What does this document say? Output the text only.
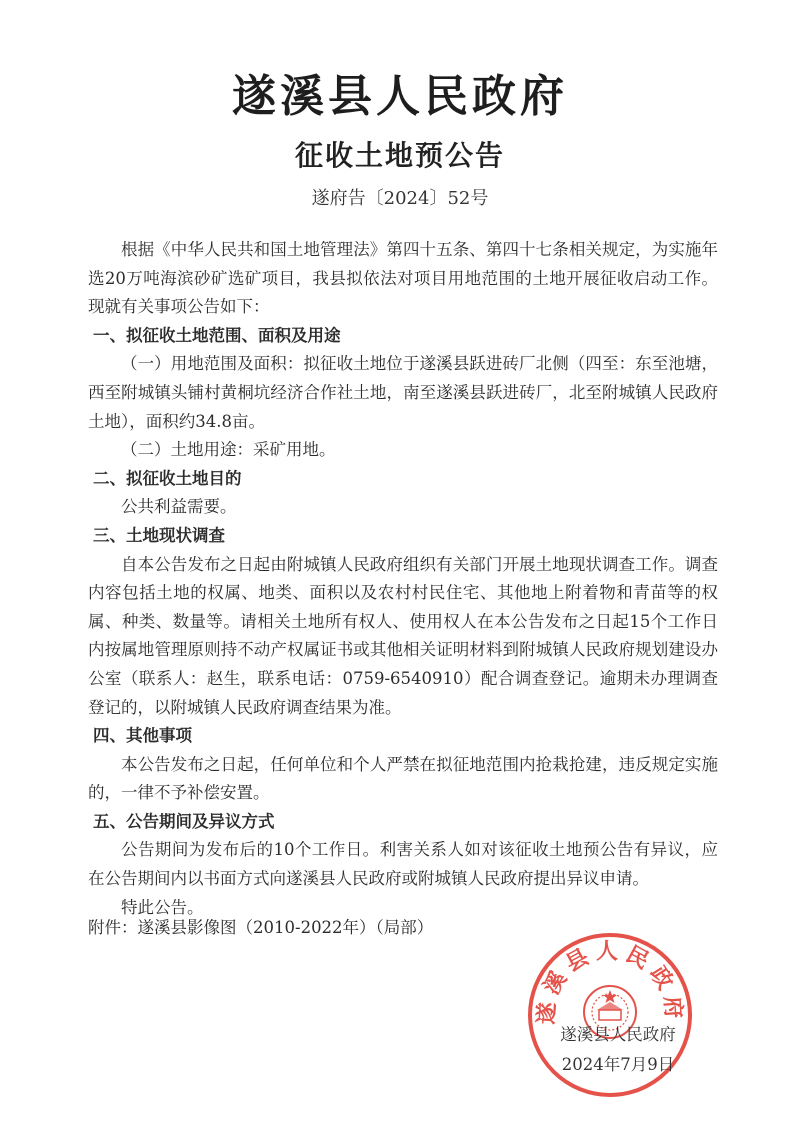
遂溪县人民政府
征收土地预公告
遂府告〔2024〕52号

根据《中华人民共和国土地管理法》第四十五条、第四十七条相关规定，为实施年选20万吨海滨砂矿选矿项目，我县拟依法对项目用地范围的土地开展征收启动工作。现就有关事项公告如下：

一、拟征收土地范围、面积及用途

（一）用地范围及面积：拟征收土地位于遂溪县跃进砖厂北侧（四至：东至池塘，西至附城镇头铺村黄桐坑经济合作社土地，南至遂溪县跃进砖厂，北至附城镇人民政府土地），面积约34.8亩。

（二）土地用途：采矿用地。

二、拟征收土地目的

公共利益需要。

三、土地现状调查

自本公告发布之日起由附城镇人民政府组织有关部门开展土地现状调查工作。调查内容包括土地的权属、地类、面积以及农村村民住宅、其他地上附着物和青苗等的权属、种类、数量等。请相关土地所有权人、使用权人在本公告发布之日起15个工作日内按属地管理原则持不动产权属证书或其他相关证明材料到附城镇人民政府规划建设办公室（联系人：赵生，联系电话：0759-6540910）配合调查登记。逾期未办理调查登记的，以附城镇人民政府调查结果为准。

四、其他事项

本公告发布之日起，任何单位和个人严禁在拟征地范围内抢栽抢建，违反规定实施的，一律不予补偿安置。

五、公告期间及异议方式

公告期间为发布后的10个工作日。利害关系人如对该征收土地预公告有异议，应在公告期间内以书面方式向遂溪县人民政府或附城镇人民政府提出异议申请。

特此公告。

附件：遂溪县影像图（2010-2022年）（局部）
遂溪县人民政府
遂溪县人民政府
2024年7月9日
